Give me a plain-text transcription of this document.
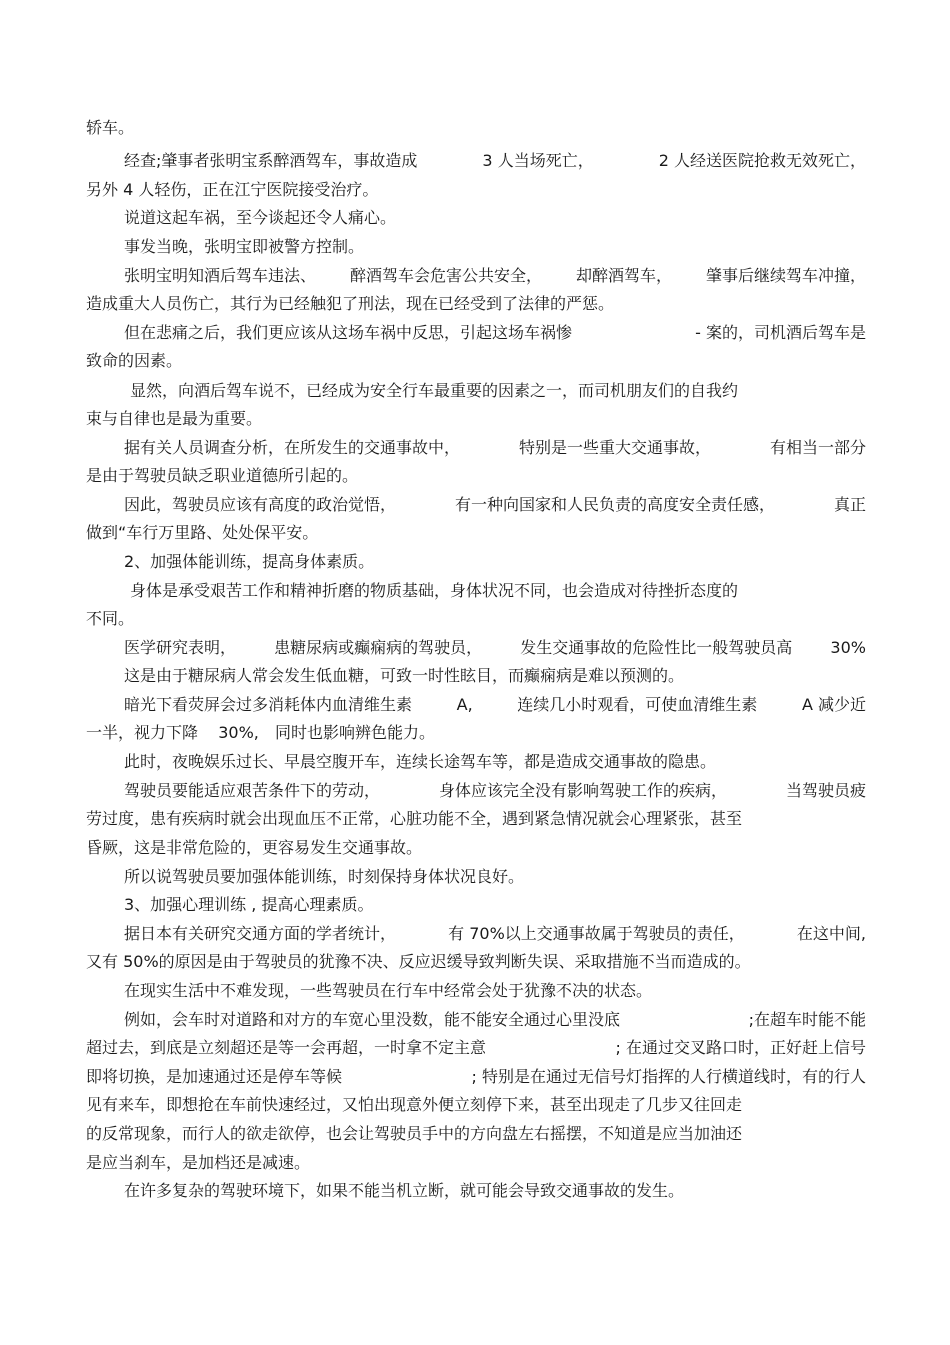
轿车。
经查;肇事者张明宝系醉酒驾车，事故造成	3 人当场死亡，	2 人经送医院抢救无效死亡，
另外 4 人轻伤，正在江宁医院接受治疗。
说道这起车祸，至今谈起还令人痛心。
事发当晚，张明宝即被警方控制。
张明宝明知酒后驾车违法、 醉酒驾车会危害公共安全， 却醉酒驾车， 肇事后继续驾车冲撞，
造成重大人员伤亡，其行为已经触犯了刑法，现在已经受到了法律的严惩。
但在悲痛之后，我们更应该从这场车祸中反思，引起这场车祸惨	- 案的，司机酒后驾车是
致命的因素。
显然，向酒后驾车说不，已经成为安全行车最重要的因素之一，而司机朋友们的自我约
束与自律也是最为重要。
据有关人员调查分析，在所发生的交通事故中，	特别是一些重大交通事故，	有相当一部分
是由于驾驶员缺乏职业道德所引起的。
因此，驾驶员应该有高度的政治觉悟，	有一种向国家和人民负责的高度安全责任感，	真正
做到“车行万里路、处处保平安。
2、加强体能训练，提高身体素质。
身体是承受艰苦工作和精神折磨的物质基础，身体状况不同，也会造成对待挫折态度的
不同。
医学研究表明， 患糖尿病或癫痫病的驾驶员， 发生交通事故的危险性比一般驾驶员高 30%
这是由于糖尿病人常会发生低血糖，可致一时性眩目，而癫痫病是难以预测的。
暗光下看荧屏会过多消耗体内血清维生素	A,	连续几小时观看，可使血清维生素	A 减少近
一半，视力下降 30%, 同时也影响辨色能力。
此时，夜晚娱乐过长、早晨空腹开车，连续长途驾车等，都是造成交通事故的隐患。
驾驶员要能适应艰苦条件下的劳动，	身体应该完全没有影响驾驶工作的疾病，	当驾驶员疲
劳过度，患有疾病时就会出现血压不正常，心脏功能不全，遇到紧急情况就会心理紧张，甚至
昏厥，这是非常危险的，更容易发生交通事故。
所以说驾驶员要加强体能训练，时刻保持身体状况良好。
3、加强心理训练 , 提高心理素质。
据日本有关研究交通方面的学者统计，	有 70%以上交通事故属于驾驶员的责任，	在这中间,
又有 50%的原因是由于驾驶员的犹豫不决、反应迟缓导致判断失误、采取措施不当而造成的。
在现实生活中不难发现，一些驾驶员在行车中经常会处于犹豫不决的状态。
例如，会车时对道路和对方的车宽心里没数，能不能安全通过心里没底	;在超车时能不能
超过去，到底是立刻超还是等一会再超，一时拿不定主意	; 在通过交叉路口时，正好赶上信号
即将切换，是加速通过还是停车等候	; 特别是在通过无信号灯指挥的人行横道线时，有的行人
见有来车，即想抢在车前快速经过，又怕出现意外便立刻停下来，甚至出现走了几步又往回走
的反常现象，而行人的欲走欲停，也会让驾驶员手中的方向盘左右摇摆，不知道是应当加油还
是应当刹车，是加档还是减速。
在许多复杂的驾驶环境下，如果不能当机立断，就可能会导致交通事故的发生。
